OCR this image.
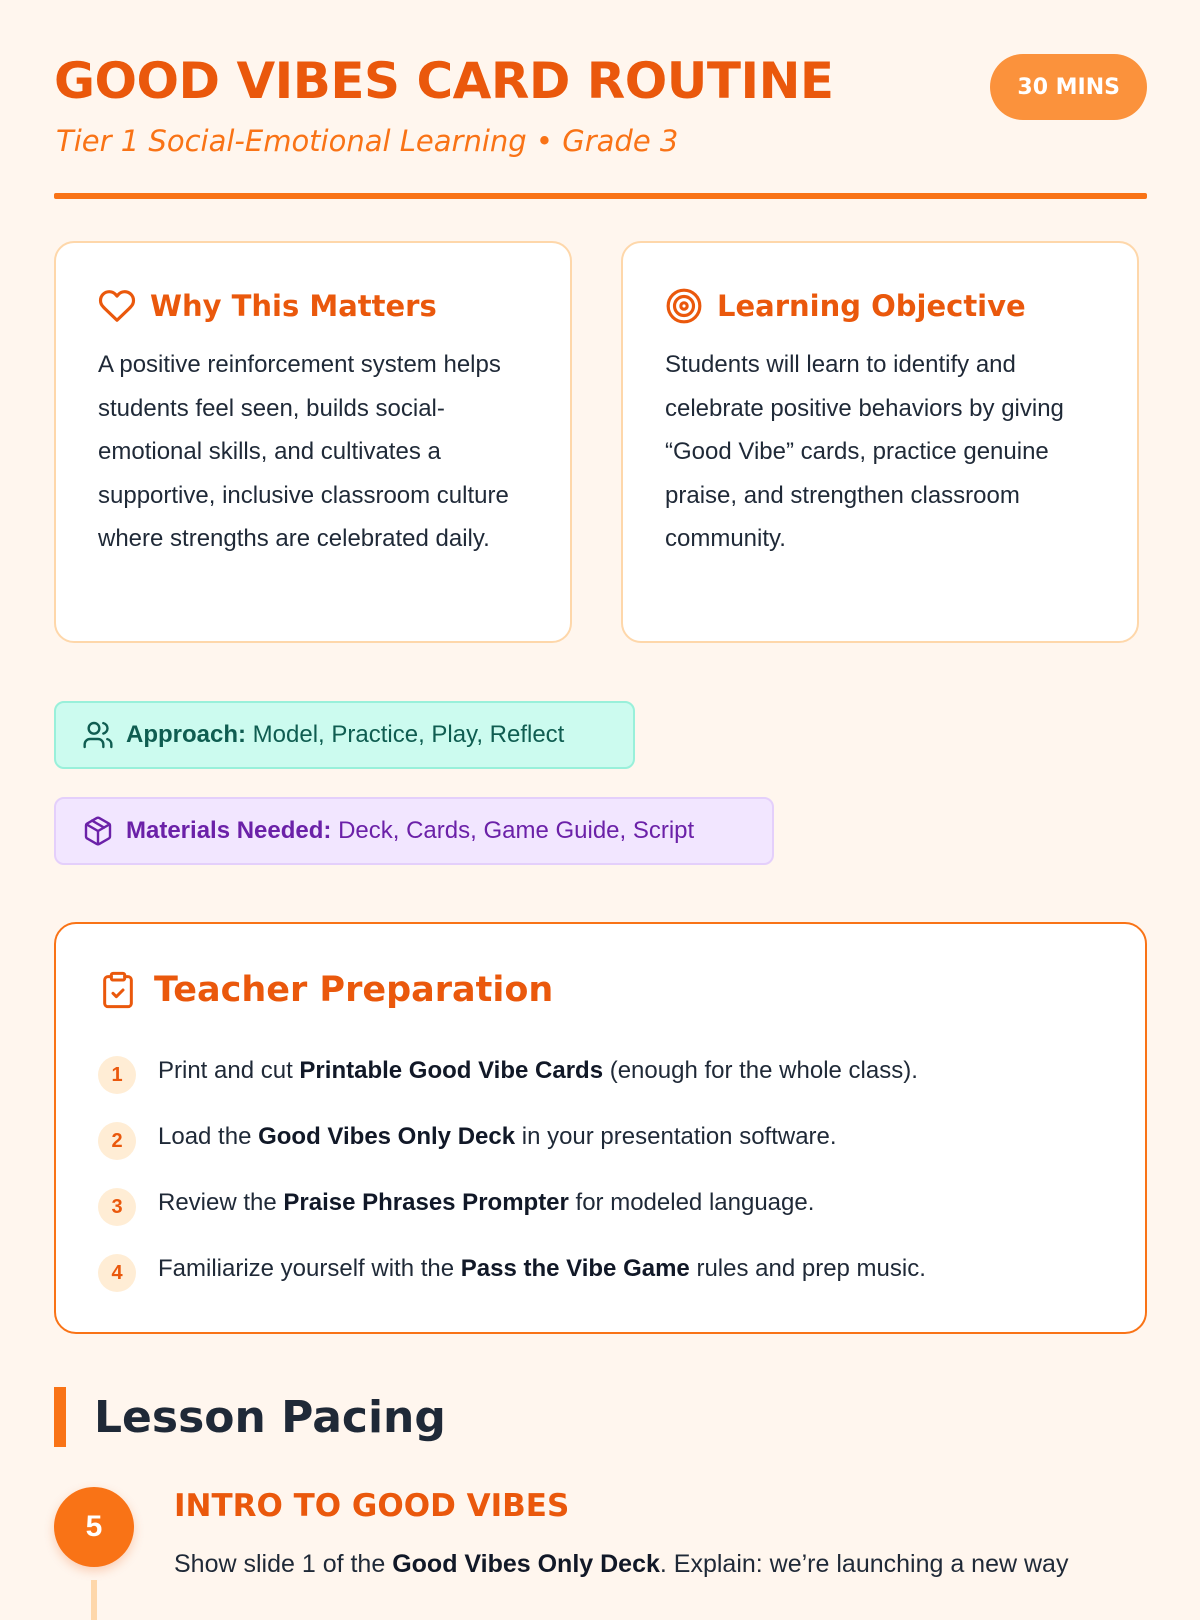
GOOD VIBES CARD ROUTINE

Tier 1 Social-Emotional Learning • Grade 3

30 MINS
Why This Matters

A positive reinforcement system helps students feel seen, builds social-emotional skills, and cultivates a supportive, inclusive classroom culture where strengths are celebrated daily.

Learning Objective

Students will learn to identify and celebrate positive behaviors by giving “Good Vibe” cards, practice genuine praise, and strengthen classroom community.

Approach: Model, Practice, Play, Reflect
Materials Needed: Deck, Cards, Game Guide, Script
Teacher Preparation
1	Print and cut Printable Good Vibe Cards (enough for the whole class).
2	Load the Good Vibes Only Deck in your presentation software.
3	Review the Praise Phrases Prompter for modeled language.
4	Familiarize yourself with the Pass the Vibe Game rules and prep music.
Lesson Pacing
5
INTRO TO GOOD VIBES
Show slide 1 of the Good Vibes Only Deck. Explain: we’re launching a new way
